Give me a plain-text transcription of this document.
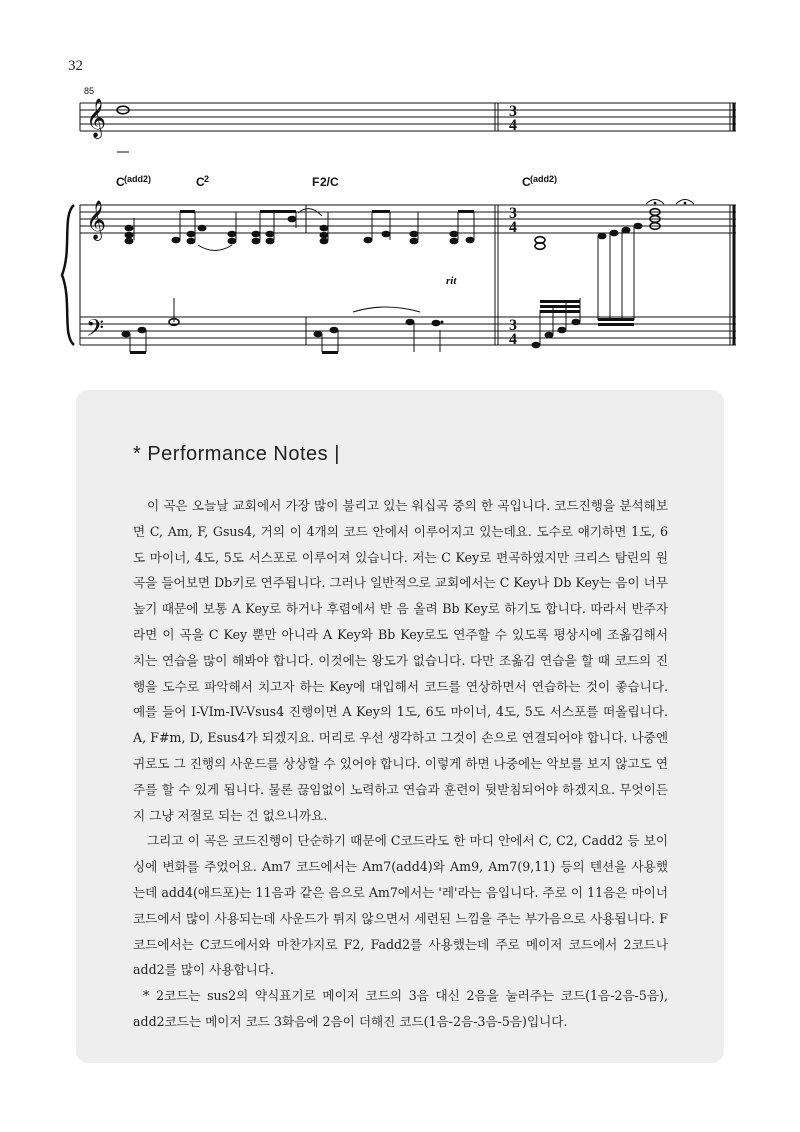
32
𝄞
𝄞
𝄢
85
3
4
3
4
3
4
C (add2)	C 2	F 2/C	C (add2)
rit
* Performance Notes |

이 곡은 오늘날 교회에서 가장 많이 불리고 있는 워십곡 중의 한 곡입니다. 코드진행을 분석해보면 C, Am, F, Gsus4, 거의 이 4개의 코드 안에서 이루어지고 있는데요. 도수로 얘기하면 1도, 6도 마이너, 4도, 5도 서스포로 이루어져 있습니다. 저는 C Key로 편곡하였지만 크리스 탐린의 원곡을 들어보면 Db키로 연주됩니다. 그러나 일반적으로 교회에서는 C Key나 Db Key는 음이 너무 높기 때문에 보통 A Key로 하거나 후렴에서 반 음 올려 Bb Key로 하기도 합니다. 따라서 반주자라면 이 곡을 C Key 뿐만 아니라 A Key와 Bb Key로도 연주할 수 있도록 평상시에 조옮김해서 치는 연습을 많이 해봐야 합니다. 이것에는 왕도가 없습니다. 다만 조옮김 연습을 할 때 코드의 진행을 도수로 파악해서 치고자 하는 Key에 대입해서 코드를 연상하면서 연습하는 것이 좋습니다. 예를 들어 I-VIm-IV-Vsus4 진행이면 A Key의 1도, 6도 마이너, 4도, 5도 서스포를 떠올립니다. A, F#m, D, Esus4가 되겠지요. 머리로 우선 생각하고 그것이 손으로 연결되어야 합니다. 나중엔 귀로도 그 진행의 사운드를 상상할 수 있어야 합니다. 이렇게 하면 나중에는 악보를 보지 않고도 연주를 할 수 있게 됩니다. 물론 끊임없이 노력하고 연습과 훈련이 뒷받침되어야 하겠지요. 무엇이든지 그냥 저절로 되는 건 없으니까요.

그리고 이 곡은 코드진행이 단순하기 때문에 C코드라도 한 마디 안에서 C, C2, Cadd2 등 보이싱에 변화를 주었어요. Am7 코드에서는 Am7(add4)와 Am9, Am7(9,11) 등의 텐션을 사용했는데 add4(애드포)는 11음과 같은 음으로 Am7에서는 '레'라는 음입니다. 주로 이 11음은 마이너 코드에서 많이 사용되는데 사운드가 튀지 않으면서 세련된 느낌을 주는 부가음으로 사용됩니다. F코드에서는 C코드에서와 마찬가지로 F2, Fadd2를 사용했는데 주로 메이저 코드에서 2코드나 add2를 많이 사용합니다.

* 2코드는 sus2의 약식표기로 메이저 코드의 3음 대신 2음을 눌러주는 코드(1음-2음-5음), add2코드는 메이저 코드 3화음에 2음이 더해진 코드(1음-2음-3음-5음)입니다.
